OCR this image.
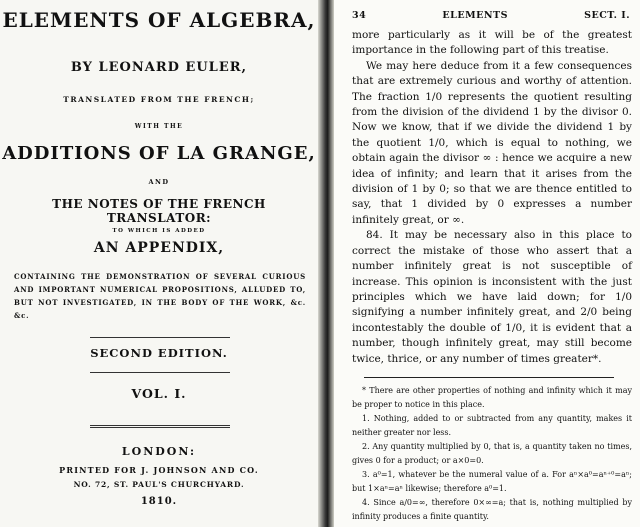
ELEMENTS OF ALGEBRA,
BY LEONARD EULER,
TRANSLATED FROM THE FRENCH;
WITH THE
ADDITIONS OF LA GRANGE,
AND
THE NOTES OF THE FRENCH TRANSLATOR:
TO WHICH IS ADDED
AN APPENDIX,
CONTAINING THE DEMONSTRATION OF SEVERAL CURIOUS AND IMPORTANT NUMERICAL PROPOSITIONS, ALLUDED TO, BUT NOT INVESTIGATED, IN THE BODY OF THE WORK, &c. &c.
SECOND EDITION.
VOL. I.
LONDON:
PRINTED FOR J. JOHNSON AND CO.
NO. 72, ST. PAUL'S CHURCHYARD.
1810.
34	ELEMENTS	SECT. I.

more particularly as it will be of the greatest importance in the following part of this treatise.

We may here deduce from it a few consequences that are extremely curious and worthy of attention. The fraction 1/0 represents the quotient resulting from the division of the dividend 1 by the divisor 0. Now we know, that if we divide the dividend 1 by the quotient 1/0, which is equal to nothing, we obtain again the divisor ∞ : hence we acquire a new idea of infinity; and learn that it arises from the division of 1 by 0; so that we are thence entitled to say, that 1 divided by 0 expresses a number infinitely great, or ∞.

84. It may be necessary also in this place to correct the mistake of those who assert that a number infinitely great is not susceptible of increase. This opinion is inconsistent with the just principles which we have laid down; for 1/0 signifying a number infinitely great, and 2/0 being incontestably the double of 1/0, it is evident that a number, though infinitely great, may still become twice, thrice, or any number of times greater*.

* There are other properties of nothing and infinity which it may be proper to notice in this place.

1. Nothing, added to or subtracted from any quantity, makes it neither greater nor less.

2. Any quantity multiplied by 0, that is, a quantity taken no times, gives 0 for a product; or a×0=0.

3. a⁰=1, whatever be the numeral value of a. For aⁿ×a⁰=aⁿ⁺⁰=aⁿ; but 1×aⁿ=aⁿ likewise; therefore a⁰=1.

4. Since a/0=∞, therefore 0×∞=a; that is, nothing multiplied by infinity produces a finite quantity.
